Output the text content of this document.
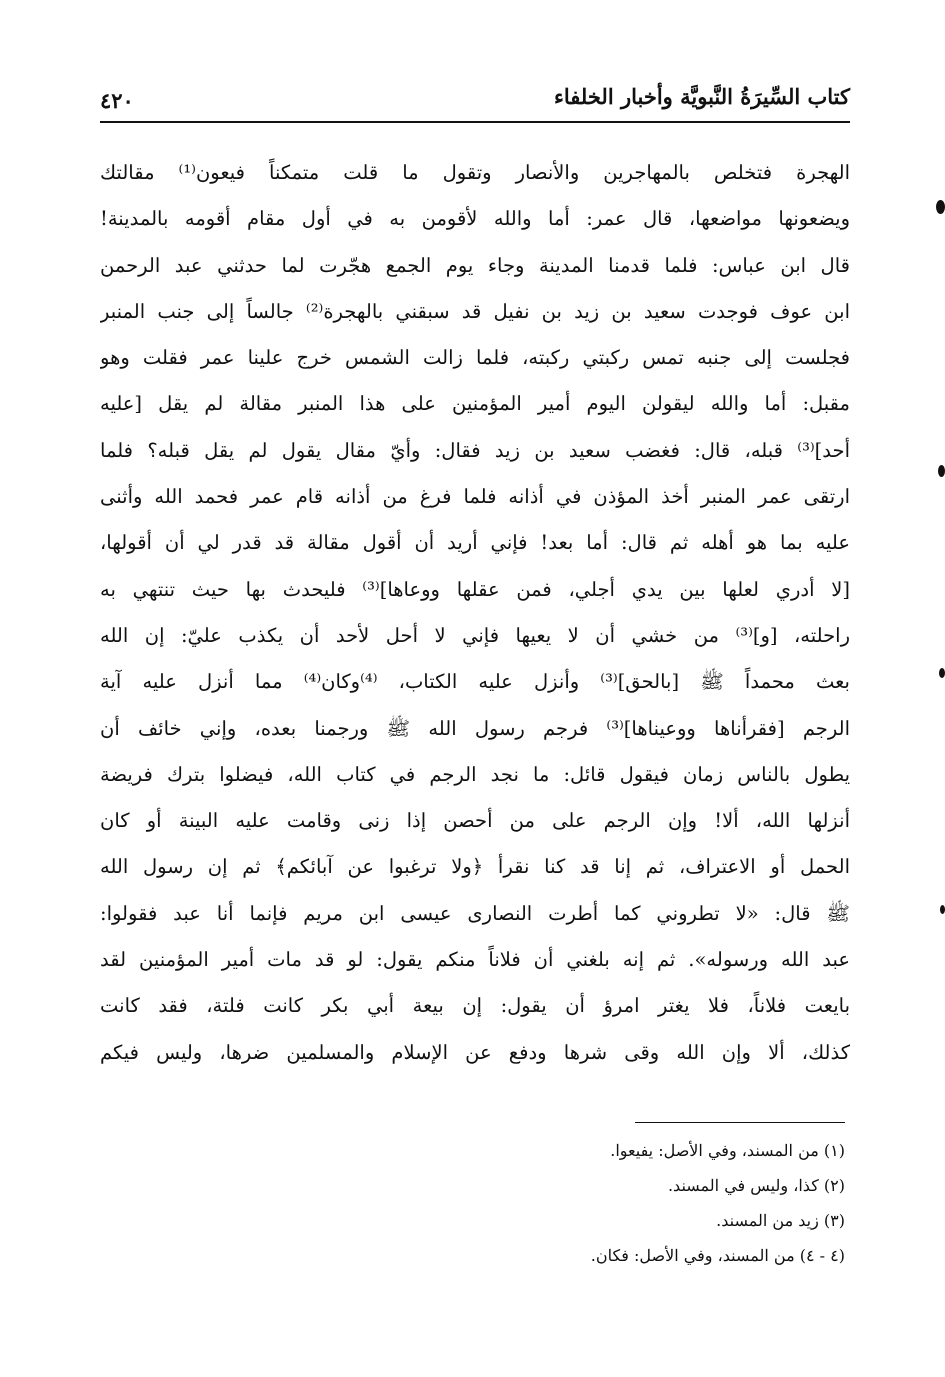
كتاب السِّيرَةُ النَّبويَّة وأخبار الخلفاء
٤٢٠
الهجرة فتخلص بالمهاجرين والأنصار وتقول ما قلت متمكناً فيعون⁽¹⁾ مقالتك
ويضعونها مواضعها، قال عمر: أما والله لأقومن به في أول مقام أقومه بالمدينة!
قال ابن عباس: فلما قدمنا المدينة وجاء يوم الجمع هجّرت لما حدثني عبد الرحمن
ابن عوف فوجدت سعيد بن زيد بن نفيل قد سبقني بالهجرة⁽²⁾ جالساً إلى جنب المنبر
فجلست إلى جنبه تمس ركبتي ركبته، فلما زالت الشمس خرج علينا عمر فقلت وهو
مقبل: أما والله ليقولن اليوم أمير المؤمنين على هذا المنبر مقالة لم يقل [عليه
أحد]⁽³⁾ قبله، قال: فغضب سعيد بن زيد فقال: وأيّ مقال يقول لم يقل قبله؟ فلما
ارتقى عمر المنبر أخذ المؤذن في أذانه فلما فرغ من أذانه قام عمر فحمد الله وأثنى
عليه بما هو أهله ثم قال: أما بعد! فإني أريد أن أقول مقالة قد قدر لي أن أقولها،
[لا أدري لعلها بين يدي أجلي، فمن عقلها ووعاها]⁽³⁾ فليحدث بها حيث تنتهي به
راحلته، [و]⁽³⁾ من خشي أن لا يعيها فإني لا أحل لأحد أن يكذب عليّ: إن الله
بعث محمداً ﷺ [بالحق]⁽³⁾ وأنزل عليه الكتاب، ⁽⁴⁾وكان⁽⁴⁾ مما أنزل عليه آية
الرجم [فقرأناها ووعيناها]⁽³⁾ فرجم رسول الله ﷺ ورجمنا بعده، وإني خائف أن
يطول بالناس زمان فيقول قائل: ما نجد الرجم في كتاب الله، فيضلوا بترك فريضة
أنزلها الله، ألا! وإن الرجم على من أحصن إذا زنى وقامت عليه البينة أو كان
الحمل أو الاعتراف، ثم إنا قد كنا نقرأ ﴿ولا ترغبوا عن آبائكم﴾ ثم إن رسول الله
ﷺ قال: «لا تطروني كما أطرت النصارى عيسى ابن مريم فإنما أنا عبد فقولوا:
عبد الله ورسوله». ثم إنه بلغني أن فلاناً منكم يقول: لو قد مات أمير المؤمنين لقد
بايعت فلاناً، فلا يغتر امرؤ أن يقول: إن بيعة أبي بكر كانت فلتة، فقد كانت
كذلك، ألا وإن الله وقى شرها ودفع عن الإسلام والمسلمين ضرها، وليس فيكم
(١) من المسند، وفي الأصل: يفيعوا.
(٢) كذا، وليس في المسند.
(٣) زيد من المسند.
(٤ - ٤) من المسند، وفي الأصل: فكان.
